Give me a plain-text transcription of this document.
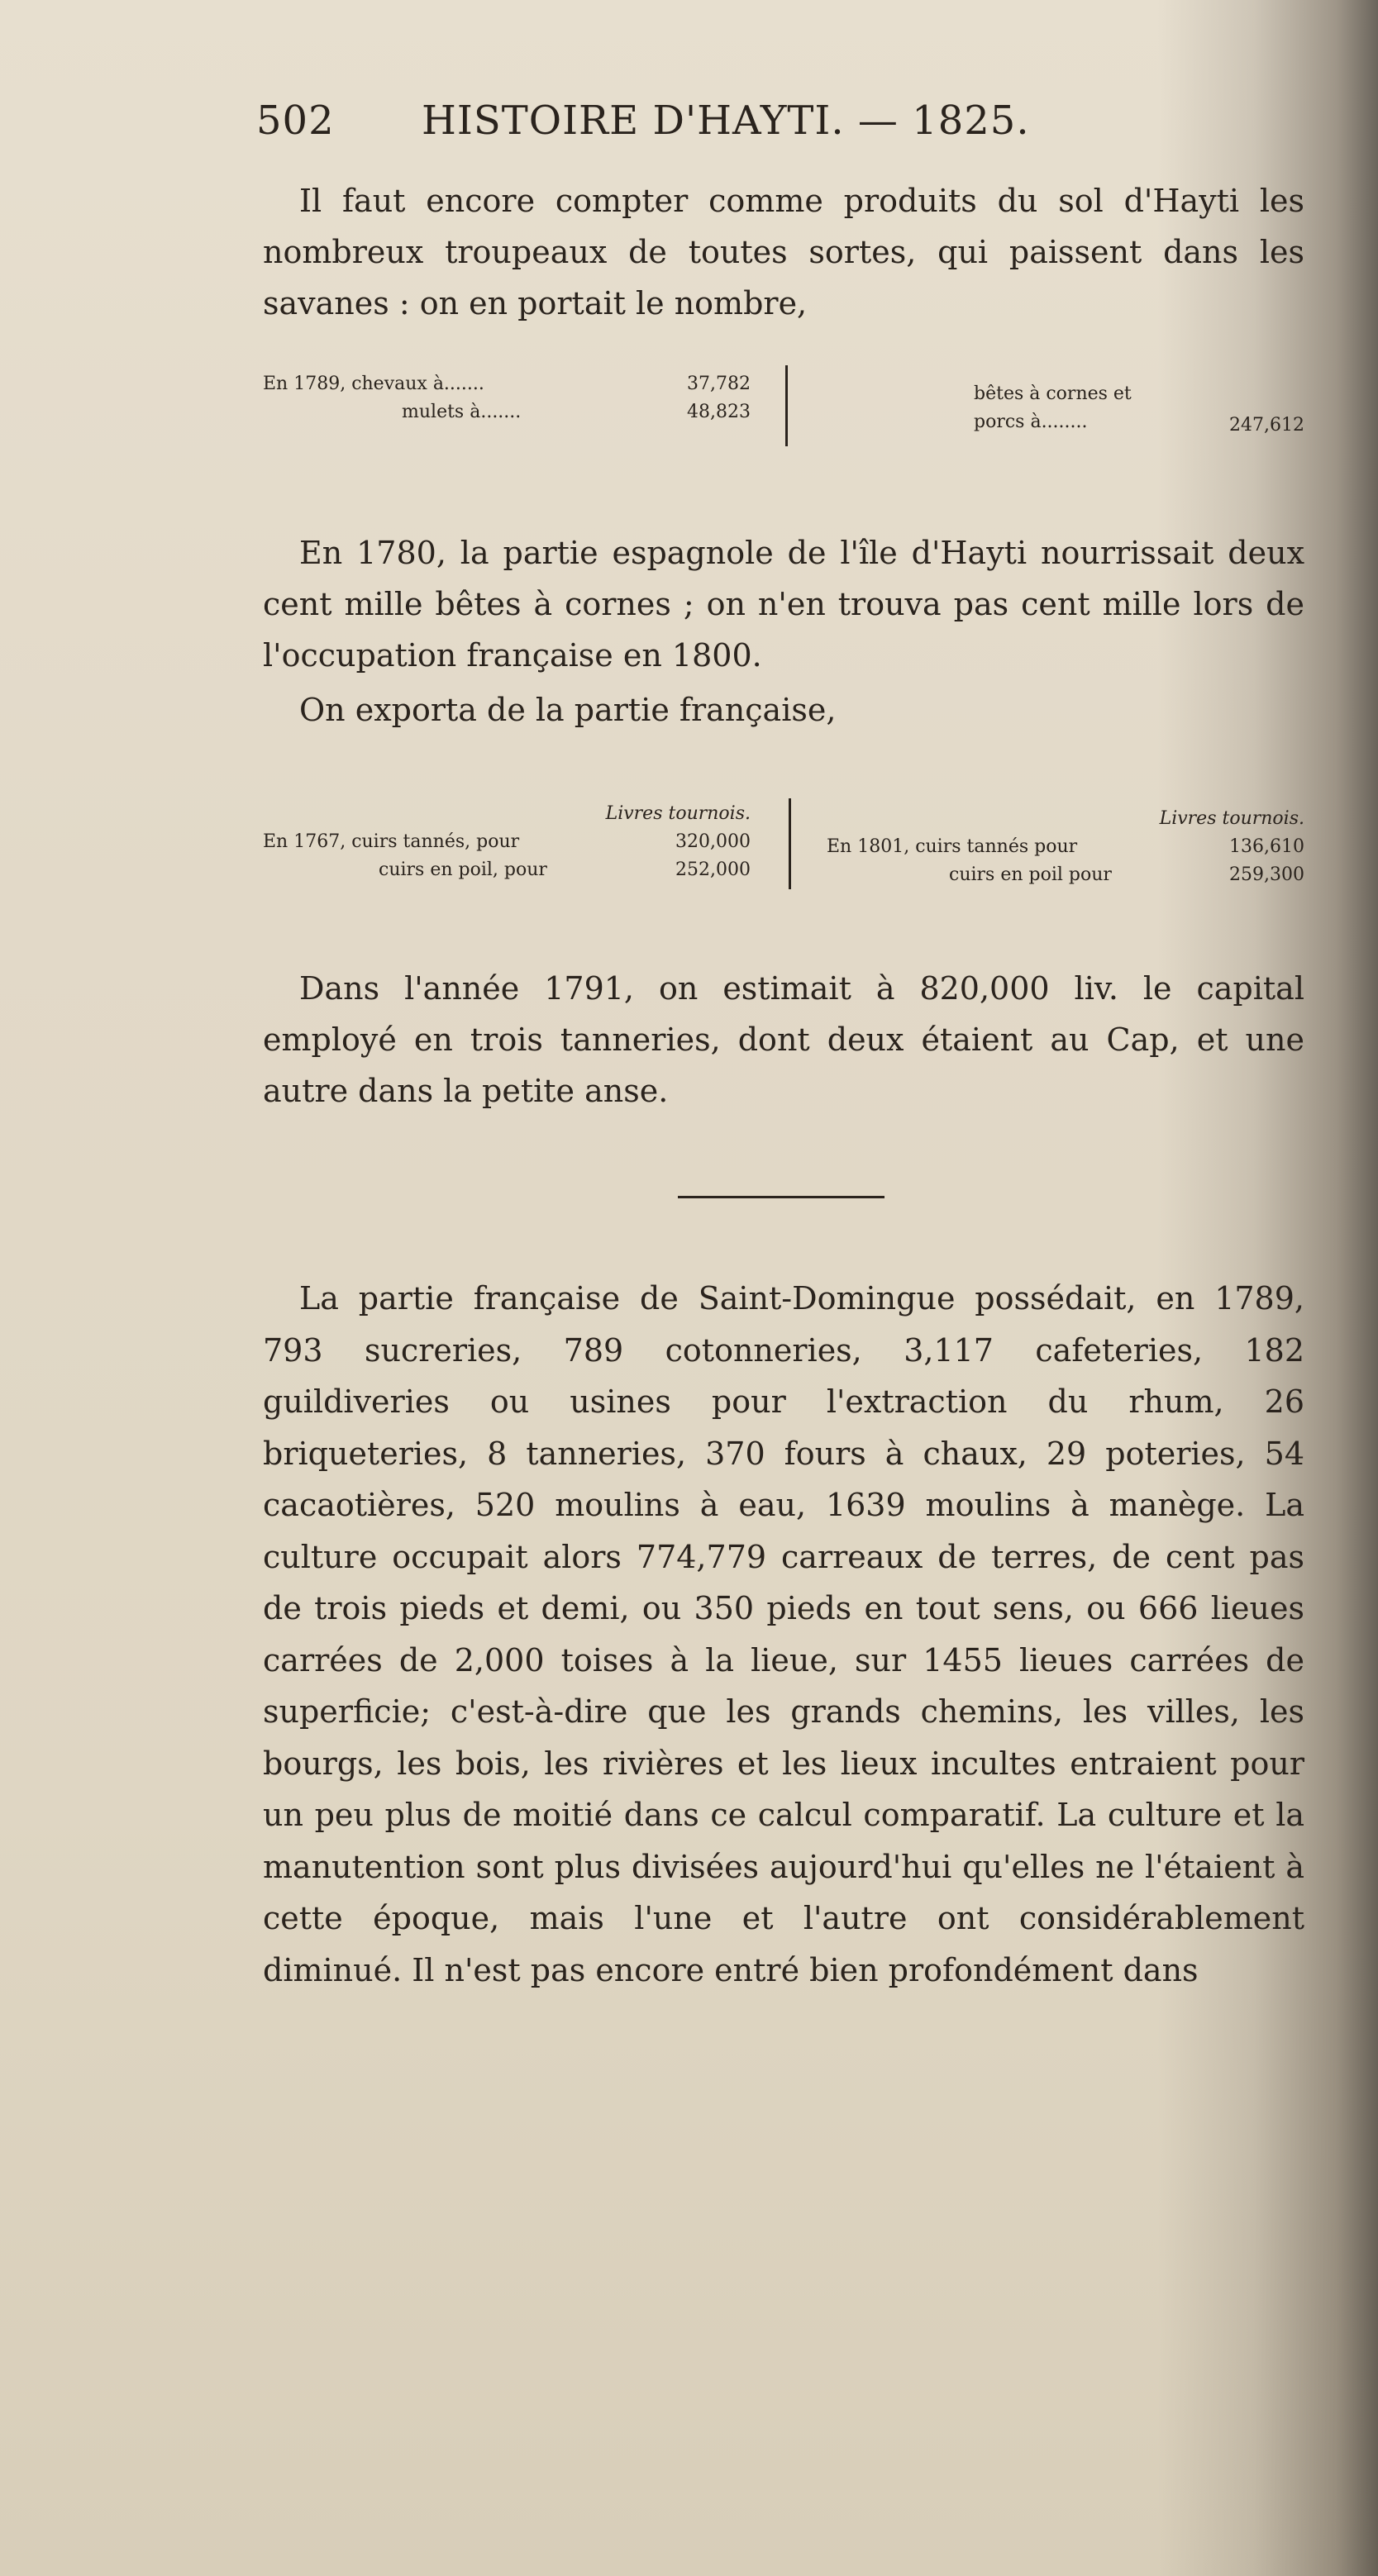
502 HISTOIRE D'HAYTI. — 1825.

Il faut encore compter comme produits du sol d'Hayti les nombreux troupeaux de toutes sortes, qui paissent dans les savanes : on en portait le nombre,

En 1789, chevaux à.......	37,782
mulets à.......	48,823
bêtes à cornes et
porcs à........	247,612

En 1780, la partie espagnole de l'île d'Hayti nourrissait deux cent mille bêtes à cornes ; on n'en trouva pas cent mille lors de l'occupation française en 1800.

On exporta de la partie française,

Livres tournois.
En 1767, cuirs tannés, pour	320,000
cuirs en poil, pour	252,000
Livres tournois.
En 1801, cuirs tannés pour	136,610
cuirs en poil pour	259,300

Dans l'année 1791, on estimait à 820,000 liv. le capital employé en trois tanneries, dont deux étaient au Cap, et une autre dans la petite anse.

La partie française de Saint-Domingue possédait, en 1789, 793 sucreries, 789 cotonneries, 3,117 cafeteries, 182 guildiveries ou usines pour l'extraction du rhum, 26 briqueteries, 8 tanneries, 370 fours à chaux, 29 poteries, 54 cacaotières, 520 moulins à eau, 1639 moulins à manège. La culture occupait alors 774,779 carreaux de terres, de cent pas de trois pieds et demi, ou 350 pieds en tout sens, ou 666 lieues carrées de 2,000 toises à la lieue, sur 1455 lieues carrées de superficie; c'est-à-dire que les grands chemins, les villes, les bourgs, les bois, les rivières et les lieux incultes entraient pour un peu plus de moitié dans ce calcul comparatif. La culture et la manutention sont plus divisées aujourd'hui qu'elles ne l'étaient à cette époque, mais l'une et l'autre ont considérablement diminué. Il n'est pas encore entré bien profondément dans
